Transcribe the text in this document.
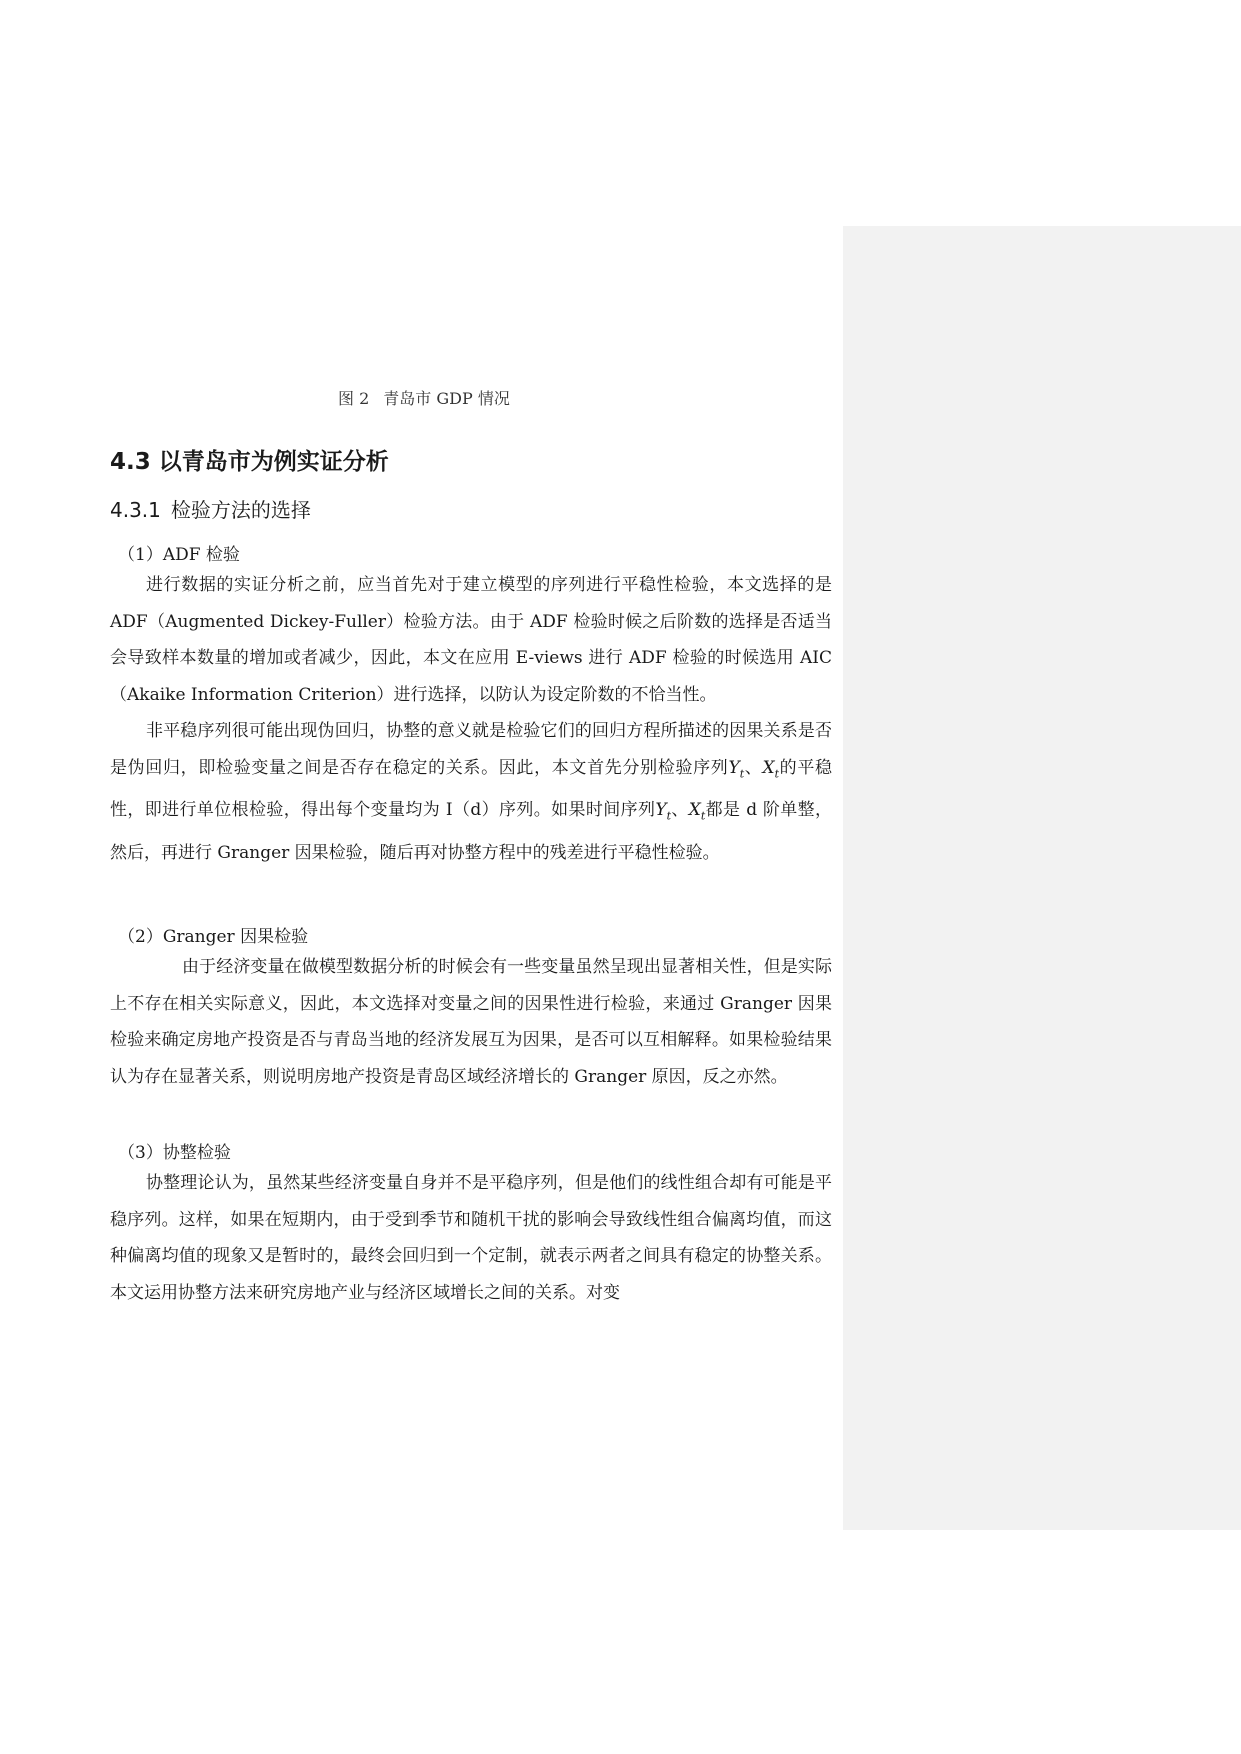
图 2 青岛市 GDP 情况
4.3 以青岛市为例实证分析
4.3.1 检验方法的选择
（1）ADF 检验

进行数据的实证分析之前，应当首先对于建立模型的序列进行平稳性检验，本文选择的是 ADF（Augmented Dickey-Fuller）检验方法。由于 ADF 检验时候之后阶数的选择是否适当会导致样本数量的增加或者减少，因此，本文在应用 E-views 进行 ADF 检验的时候选用 AIC（Akaike Information Criterion）进行选择，以防认为设定阶数的不恰当性。

非平稳序列很可能出现伪回归，协整的意义就是检验它们的回归方程所描述的因果关系是否是伪回归，即检验变量之间是否存在稳定的关系。因此，本文首先分别检验序列$Y_t$、$X_t$的平稳性，即进行单位根检验，得出每个变量均为 I（d）序列。如果时间序列$Y_t$、$X_t$都是 d 阶单整，然后，再进行 Granger 因果检验，随后再对协整方程中的残差进行平稳性检验。

（2）Granger 因果检验

由于经济变量在做模型数据分析的时候会有一些变量虽然呈现出显著相关性，但是实际上不存在相关实际意义，因此，本文选择对变量之间的因果性进行检验，来通过 Granger 因果检验来确定房地产投资是否与青岛当地的经济发展互为因果，是否可以互相解释。如果检验结果认为存在显著关系，则说明房地产投资是青岛区域经济增长的 Granger 原因，反之亦然。

（3）协整检验

协整理论认为，虽然某些经济变量自身并不是平稳序列，但是他们的线性组合却有可能是平稳序列。这样，如果在短期内，由于受到季节和随机干扰的影响会导致线性组合偏离均值，而这种偏离均值的现象又是暂时的，最终会回归到一个定制，就表示两者之间具有稳定的协整关系。本文运用协整方法来研究房地产业与经济区域增长之间的关系。对变
